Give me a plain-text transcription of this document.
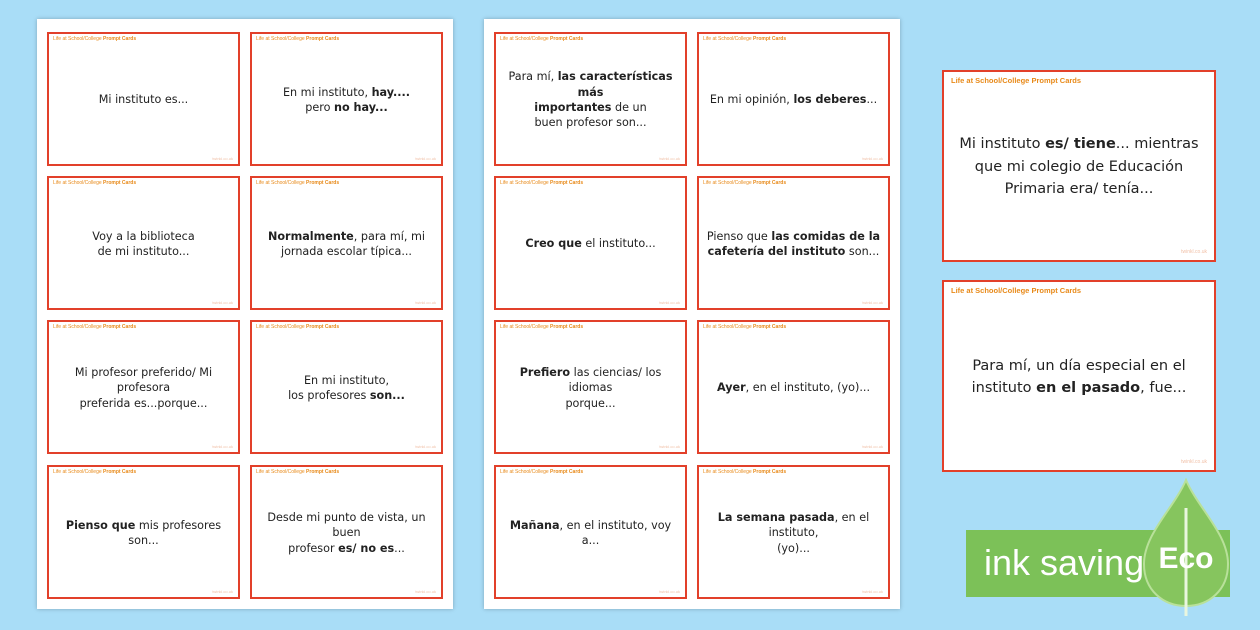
Life at School/College Prompt Cards
Mi instituto es...
twinkl.co.uk
Life at School/College Prompt Cards
En mi instituto, hay....
pero no hay...
twinkl.co.uk
Life at School/College Prompt Cards
Voy a la biblioteca
de mi instituto...
twinkl.co.uk
Life at School/College Prompt Cards
Normalmente, para mí, mi
jornada escolar típica...
twinkl.co.uk
Life at School/College Prompt Cards
Mi profesor preferido/ Mi profesora
preferida es...porque...
twinkl.co.uk
Life at School/College Prompt Cards
En mi instituto,
los profesores son...
twinkl.co.uk
Life at School/College Prompt Cards
Pienso que mis profesores son...
twinkl.co.uk
Life at School/College Prompt Cards
Desde mi punto de vista, un buen
profesor es/ no es...
twinkl.co.uk
Life at School/College Prompt Cards
Para mí, las características más
importantes de un
buen profesor son...
twinkl.co.uk
Life at School/College Prompt Cards
En mi opinión, los deberes...
twinkl.co.uk
Life at School/College Prompt Cards
Creo que el instituto...
twinkl.co.uk
Life at School/College Prompt Cards
Pienso que las comidas de la
cafetería del instituto son...
twinkl.co.uk
Life at School/College Prompt Cards
Prefiero las ciencias/ los idiomas
porque...
twinkl.co.uk
Life at School/College Prompt Cards
Ayer, en el instituto, (yo)...
twinkl.co.uk
Life at School/College Prompt Cards
Mañana, en el instituto, voy a...
twinkl.co.uk
Life at School/College Prompt Cards
La semana pasada, en el instituto,
(yo)...
twinkl.co.uk
Life at School/College Prompt Cards
Mi instituto es/ tiene... mientras
que mi colegio de Educación
Primaria era/ tenía...
twinkl.co.uk
Life at School/College Prompt Cards
Para mí, un día especial en el
instituto en el pasado, fue...
twinkl.co.uk
ink saving Eco
